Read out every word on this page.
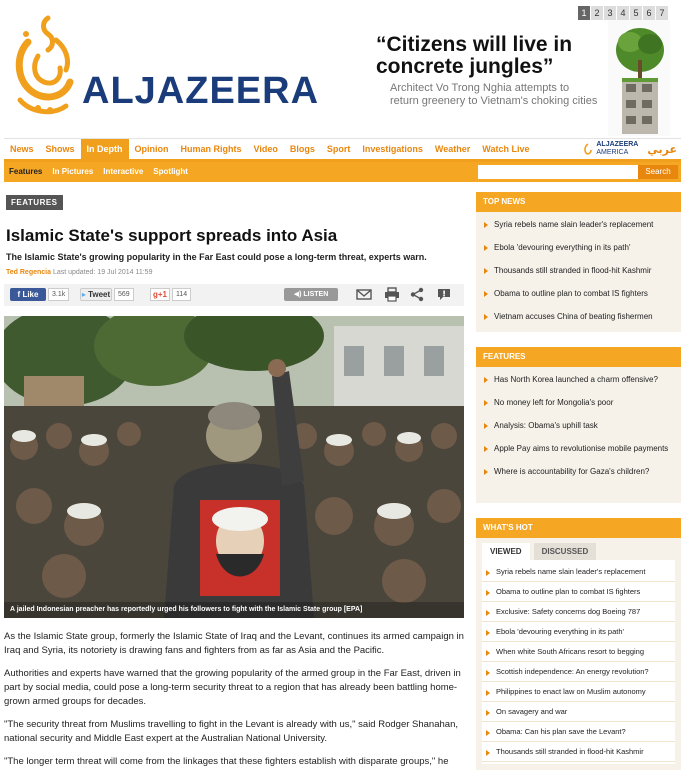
ALJAZEERA
1 2 3 4 5 6 7
“Citizens will live in concrete jungles”
Architect Vo Trong Nghia attempts to return greenery to Vietnam's choking cities
News	Shows	In Depth	Opinion	Human Rights	Video	Blogs	Sport	Investigations	Weather	Watch Live	ALJAZEERA
AMERICA	عربي
Features	In Pictures	Interactive	Spotlight	Search
FEATURES
Islamic State's support spreads into Asia
The Islamic State's growing popularity in the Far East could pose a long-term threat, experts warn.
Ted Regencia Last updated: 19 Jul 2014 11:59
f Like	3.1k	▸ Tweet	569	g+1	114	◀) LISTEN
A jailed Indonesian preacher has reportedly urged his followers to fight with the Islamic State group [EPA]

As the Islamic State group, formerly the Islamic State of Iraq and the Levant, continues its armed campaign in Iraq and Syria, its notoriety is drawing fans and fighters from as far as Asia and the Pacific.

Authorities and experts have warned that the growing popularity of the armed group in the Far East, driven in part by social media, could pose a long-term security threat to a region that has already been battling home-grown armed groups for decades.

"The security threat from Muslims travelling to fight in the Levant is already with us," said Rodger Shanahan, national security and Middle East expert at the Australian National University.

"The longer term threat will come from the linkages that these fighters establish with disparate groups," he

TOP NEWS
Syria rebels name slain leader's replacement
Ebola 'devouring everything in its path'
Thousands still stranded in flood-hit Kashmir
Obama to outline plan to combat IS fighters
Vietnam accuses China of beating fishermen
FEATURES
Has North Korea launched a charm offensive?
No money left for Mongolia's poor
Analysis: Obama's uphill task
Apple Pay aims to revolutionise mobile payments
Where is accountability for Gaza's children?
WHAT'S HOT
VIEWED	DISCUSSED
Syria rebels name slain leader's replacement
Obama to outline plan to combat IS fighters
Exclusive: Safety concerns dog Boeing 787
Ebola 'devouring everything in its path'
When white South Africans resort to begging
Scottish independence: An energy revolution?
Philippines to enact law on Muslim autonomy
On savagery and war
Obama: Can his plan save the Levant?
Thousands still stranded in flood-hit Kashmir
